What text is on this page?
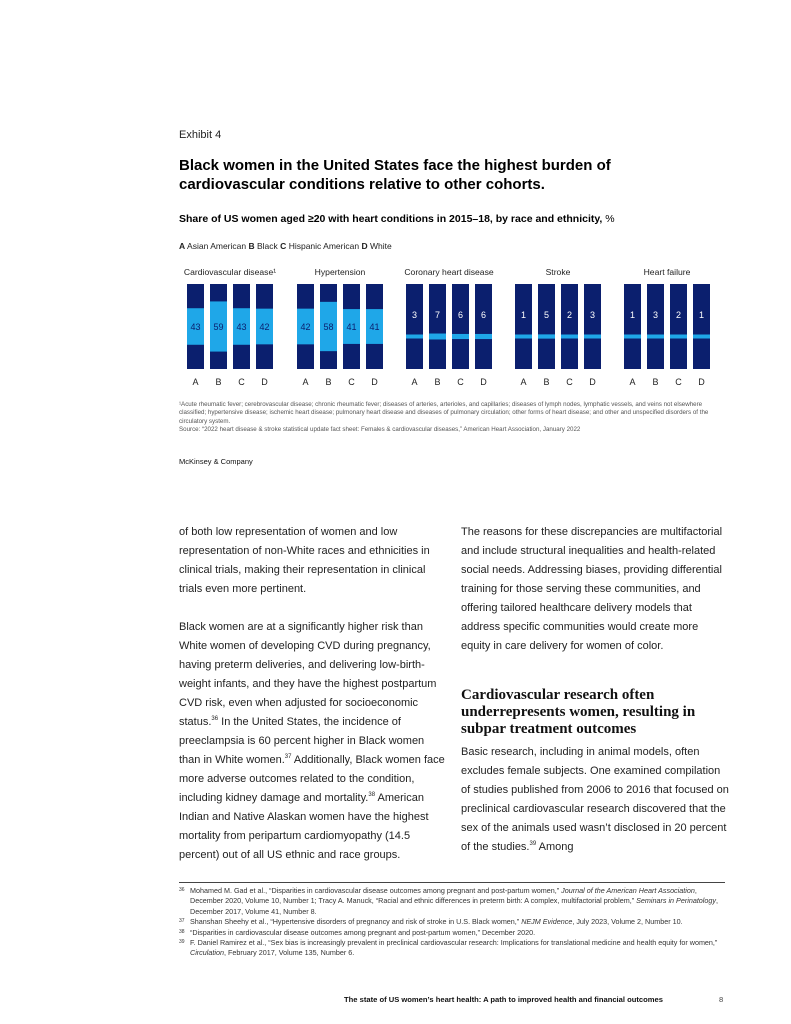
Exhibit 4
Black women in the United States face the highest burden of cardiovascular conditions relative to other cohorts.
Share of US women aged ≥20 with heart conditions in 2015–18, by race and ethnicity, %
A Asian American B Black C Hispanic American D White
Cardiovascular disease¹
43
A
59
B
43
C
42
D
Hypertension
42
A
58
B
41
C
41
D
Coronary heart disease
3
A
7
B
6
C
6
D
Stroke
1
A
5
B
2
C
3
D
Heart failure
1
A
3
B
2
C
1
D
¹Acute rheumatic fever; cerebrovascular disease; chronic rheumatic fever; diseases of arteries, arterioles, and capillaries; diseases of lymph nodes, lymphatic vessels, and veins not elsewhere classified; hypertensive disease; ischemic heart disease; pulmonary heart disease and diseases of pulmonary circulation; other forms of heart disease; and other and unspecified disorders of the circulatory system.
Source: “2022 heart disease & stroke statistical update fact sheet: Females & cardiovascular diseases,” American Heart Association, January 2022
McKinsey & Company

of both low representation of women and low representation of non-White races and ethnicities in clinical trials, making their representation in clinical trials even more pertinent.

Black women are at a significantly higher risk than White women of developing CVD during pregnancy, having preterm deliveries, and delivering low-birth-weight infants, and they have the highest postpartum CVD risk, even when adjusted for socioeconomic status.$^{36}$ In the United States, the incidence of preeclampsia is 60 percent higher in Black women than in White women.$^{37}$ Additionally, Black women face more adverse outcomes related to the condition, including kidney damage and mortality.$^{38}$ American Indian and Native Alaskan women have the highest mortality from peripartum cardiomyopathy (14.5 percent) out of all US ethnic and race groups.

The reasons for these discrepancies are multifactorial and include structural inequalities and health-related social needs. Addressing biases, providing differential training for those serving these communities, and offering tailored healthcare delivery models that address specific communities would create more equity in care delivery for women of color.

Cardiovascular research often underrepresents women, resulting in subpar treatment outcomes

Basic research, including in animal models, often excludes female subjects. One examined compilation of studies published from 2006 to 2016 that focused on preclinical cardiovascular research discovered that the sex of the animals used wasn’t disclosed in 20 percent of the studies.$^{39}$ Among

36 Mohamed M. Gad et al., “Disparities in cardiovascular disease outcomes among pregnant and post-partum women,” Journal of the American Heart Association, December 2020, Volume 10, Number 1; Tracy A. Manuck, “Racial and ethnic differences in preterm birth: A complex, multifactorial problem,” Seminars in Perinatology, December 2017, Volume 41, Number 8.
37 Shanshan Sheehy et al., “Hypertensive disorders of pregnancy and risk of stroke in U.S. Black women,” NEJM Evidence, July 2023, Volume 2, Number 10.
38 “Disparities in cardiovascular disease outcomes among pregnant and post-partum women,” December 2020.
39 F. Daniel Ramirez et al., “Sex bias is increasingly prevalent in preclinical cardiovascular research: Implications for translational medicine and health equity for women,” Circulation, February 2017, Volume 135, Number 6.
The state of US women’s heart health: A path to improved health and financial outcomes	8
